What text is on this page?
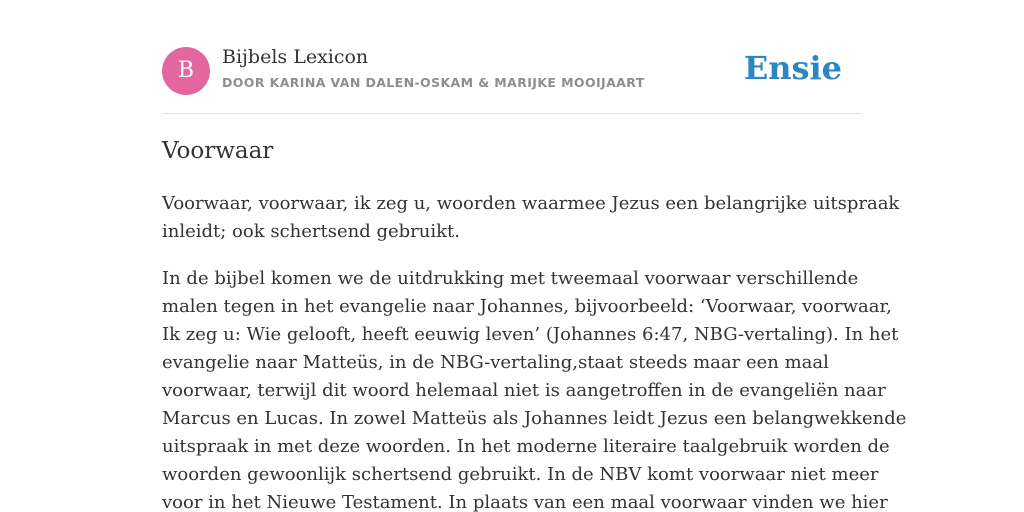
B
Bijbels Lexicon
DOOR KARINA VAN DALEN-OSKAM & MARIJKE MOOIJAART	Ensie
Voorwaar

Voorwaar, voorwaar, ik zeg u, woorden waarmee Jezus een belangrijke uitspraak
inleidt; ook schertsend gebruikt.

In de bijbel komen we de uitdrukking met tweemaal voorwaar verschillende
malen tegen in het evangelie naar Johannes, bijvoorbeeld: ‘Voorwaar, voorwaar,
Ik zeg u: Wie gelooft, heeft eeuwig leven’ (Johannes 6:47, NBG-vertaling). In het
evangelie naar Matteüs, in de NBG-vertaling,staat steeds maar een maal
voorwaar, terwijl dit woord helemaal niet is aangetroffen in de evangeliën naar
Marcus en Lucas. In zowel Matteüs als Johannes leidt Jezus een belangwekkende
uitspraak in met deze woorden. In het moderne literaire taalgebruik worden de
woorden gewoonlijk schertsend gebruikt. In de NBV komt voorwaar niet meer
voor in het Nieuwe Testament. In plaats van een maal voorwaar vinden we hier
